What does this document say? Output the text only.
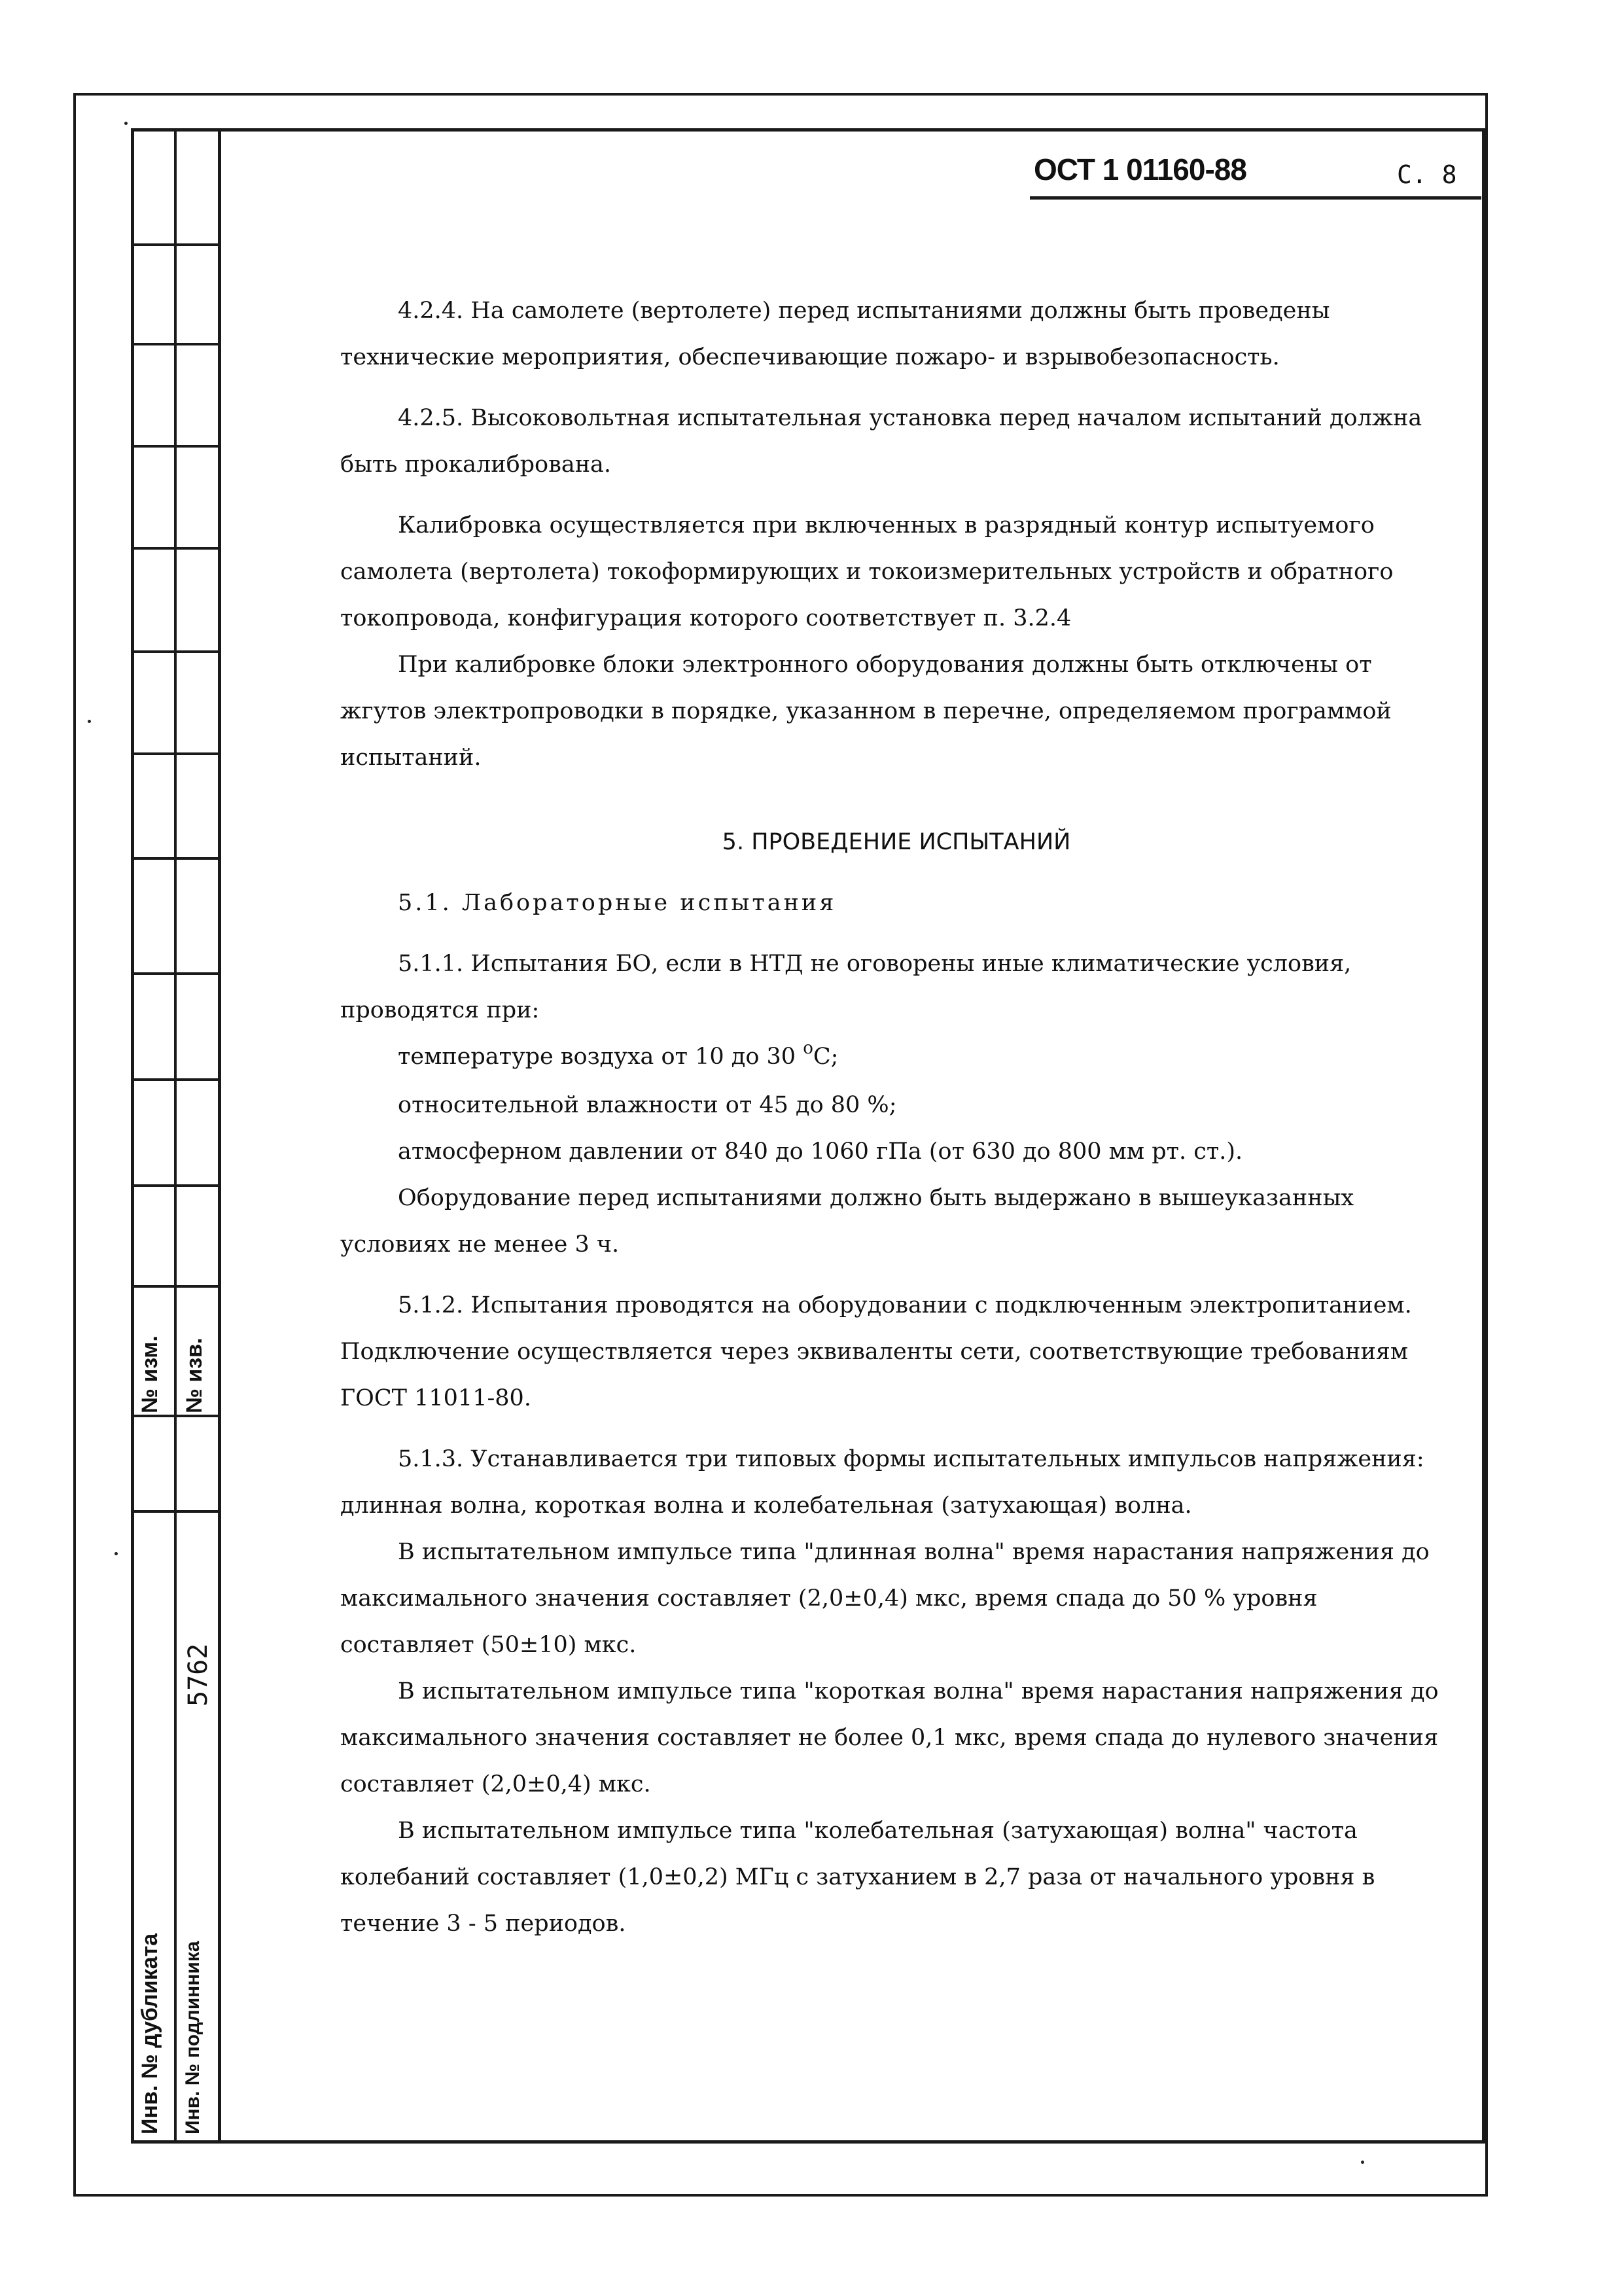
№ изм. № изв.
Инв. № дубликата Инв. № подлинника
5762
ОСТ 1 01160-88	С. 8

4.2.4. На самолете (вертолете) перед испытаниями должны быть проведены технические мероприятия, обеспечивающие пожаро- и взрывобезопасность.

4.2.5. Высоковольтная испытательная установка перед началом испытаний должна быть прокалибрована.

Калибровка осуществляется при включенных в разрядный контур испытуемого самолета (вертолета) токоформирующих и токоизмерительных устройств и обратного токопровода, конфигурация которого соответствует п. 3.2.4

При калибровке блоки электронного оборудования должны быть отключены от жгутов электропроводки в порядке, указанном в перечне, определяемом программой испытаний.

5. ПРОВЕДЕНИЕ ИСПЫТАНИЙ

5.1. Лабораторные испытания

5.1.1. Испытания БО, если в НТД не оговорены иные климатические условия, проводятся при:

температуре воздуха от 10 до 30 $^о$С;

относительной влажности от 45 до 80 %;

атмосферном давлении от 840 до 1060 гПа (от 630 до 800 мм рт. ст.).

Оборудование перед испытаниями должно быть выдержано в вышеуказанных условиях не менее 3 ч.

5.1.2. Испытания проводятся на оборудовании с подключенным электропитанием. Подключение осуществляется через эквиваленты сети, соответствующие требованиям ГОСТ 11011-80.

5.1.3. Устанавливается три типовых формы испытательных импульсов напряжения: длинная волна, короткая волна и колебательная (затухающая) волна.

В испытательном импульсе типа "длинная волна" время нарастания напряжения до максимального значения составляет (2,0±0,4) мкс, время спада до 50 % уровня составляет (50±10) мкс.

В испытательном импульсе типа "короткая волна" время нарастания напряжения до максимального значения составляет не более 0,1 мкс, время спада до нулевого значения составляет (2,0±0,4) мкс.

В испытательном импульсе типа "колебательная (затухающая) волна" частота колебаний составляет (1,0±0,2) МГц с затуханием в 2,7 раза от начального уровня в течение 3 - 5 периодов.
